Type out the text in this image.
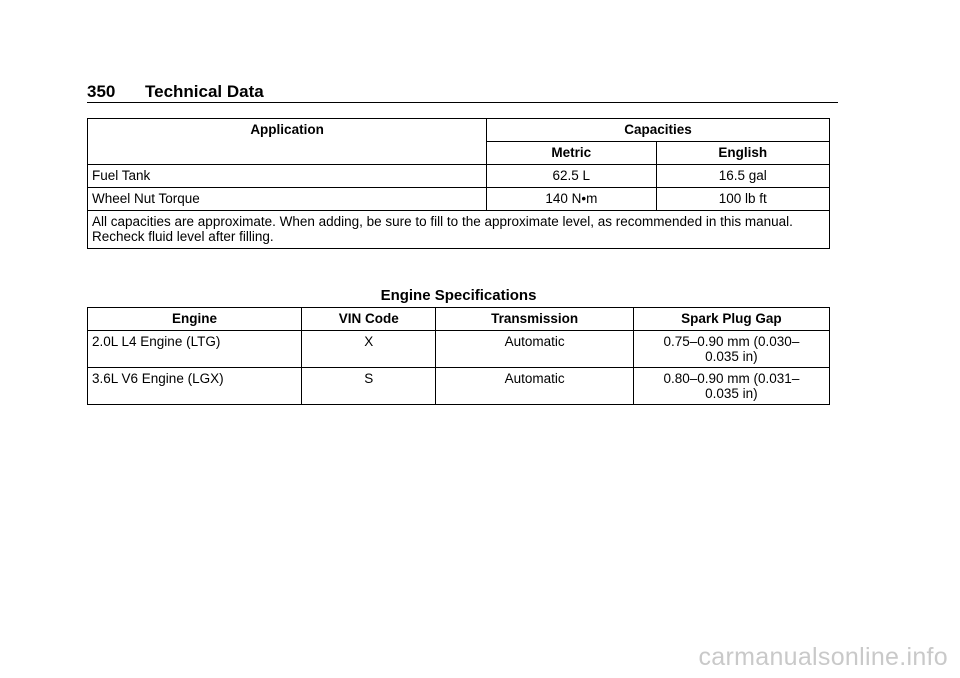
350 Technical Data
Application	Capacities	
	Metric	English
Fuel Tank	62.5 L	16.5 gal
Wheel Nut Torque	140 N•m	100 lb ft
All capacities are approximate. When adding, be sure to fill to the approximate level, as recommended in this manual. Recheck fluid level after filling.		
Engine Specifications
Engine	VIN Code	Transmission	Spark Plug Gap
2.0L L4 Engine (LTG)	X	Automatic	0.75–0.90 mm (0.030–
0.035 in)
3.6L V6 Engine (LGX)	S	Automatic	0.80–0.90 mm (0.031–
0.035 in)
carmanualsonline.info
